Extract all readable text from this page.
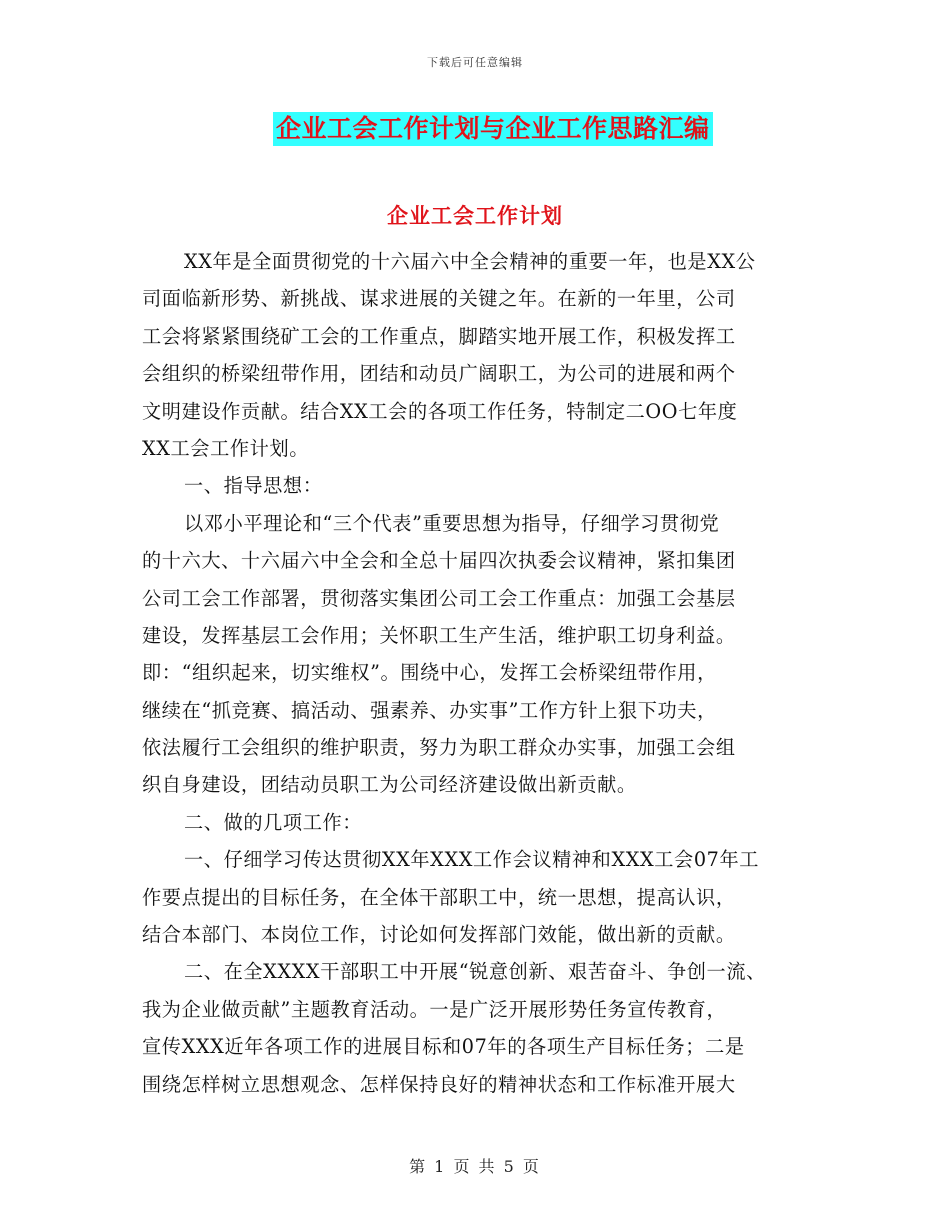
下载后可任意编辑
企业工会工作计划与企业工作思路汇编
企业工会工作计划
XX年是全面贯彻党的十六届六中全会精神的重要一年，也是XX公
司面临新形势、新挑战、谋求进展的关键之年。在新的一年里，公司
工会将紧紧围绕矿工会的工作重点，脚踏实地开展工作，积极发挥工
会组织的桥梁纽带作用，团结和动员广阔职工，为公司的进展和两个
文明建设作贡献。结合XX工会的各项工作任务，特制定二OO七年度
XX工会工作计划。
一、指导思想：
以邓小平理论和“三个代表”重要思想为指导，仔细学习贯彻党
的十六大、十六届六中全会和全总十届四次执委会议精神，紧扣集团
公司工会工作部署，贯彻落实集团公司工会工作重点：加强工会基层
建设，发挥基层工会作用；关怀职工生产生活，维护职工切身利益。
即：“组织起来，切实维权”。围绕中心，发挥工会桥梁纽带作用，
继续在“抓竞赛、搞活动、强素养、办实事”工作方针上狠下功夫，
依法履行工会组织的维护职责，努力为职工群众办实事，加强工会组
织自身建设，团结动员职工为公司经济建设做出新贡献。
二、做的几项工作：
一、仔细学习传达贯彻XX年XXX工作会议精神和XXX工会07年工
作要点提出的目标任务，在全体干部职工中，统一思想，提高认识，
结合本部门、本岗位工作，讨论如何发挥部门效能，做出新的贡献。
二、在全XXXX干部职工中开展“锐意创新、艰苦奋斗、争创一流、
我为企业做贡献”主题教育活动。一是广泛开展形势任务宣传教育，
宣传XXX近年各项工作的进展目标和07年的各项生产目标任务；二是
围绕怎样树立思想观念、怎样保持良好的精神状态和工作标准开展大
第 1 页 共 5 页
